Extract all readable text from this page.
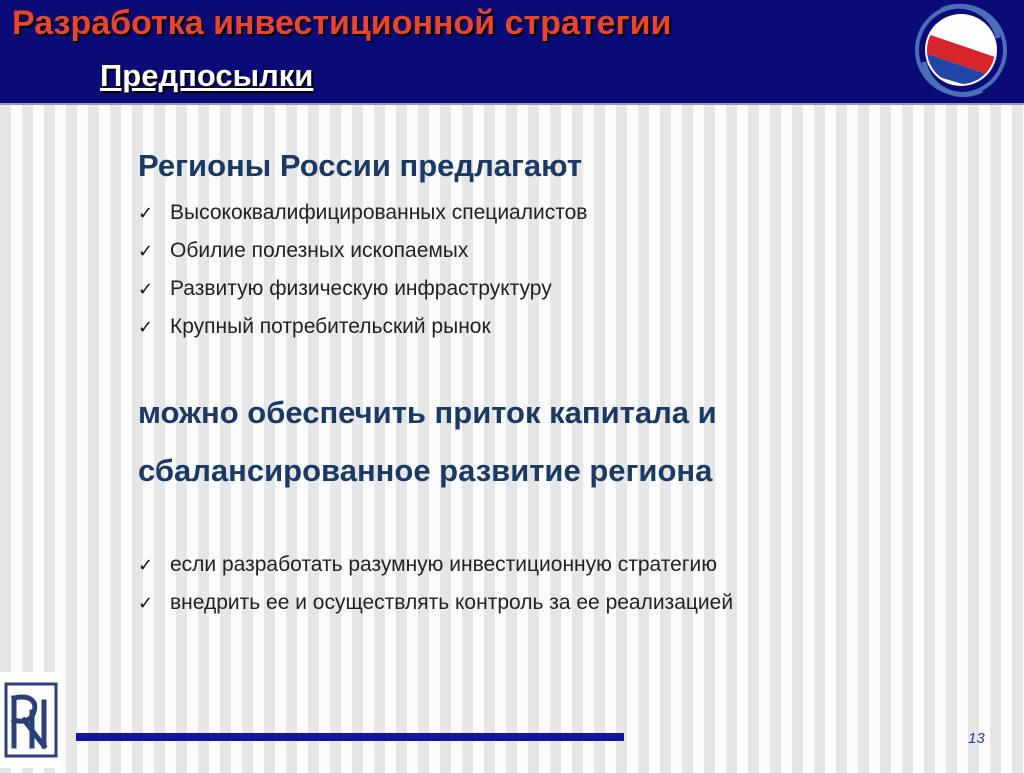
Разработка инвестиционной стратегии
Предпосылки
Регионы России предлагают
✓ Высококвалифицированных специалистов
✓ Обилие полезных ископаемых
✓ Развитую физическую инфраструктуру
✓ Крупный потребительский рынок
можно обеспечить приток капитала и
сбалансированное развитие региона
✓ если разработать разумную инвестиционную стратегию
✓ внедрить ее и осуществлять контроль за ее реализацией
13
